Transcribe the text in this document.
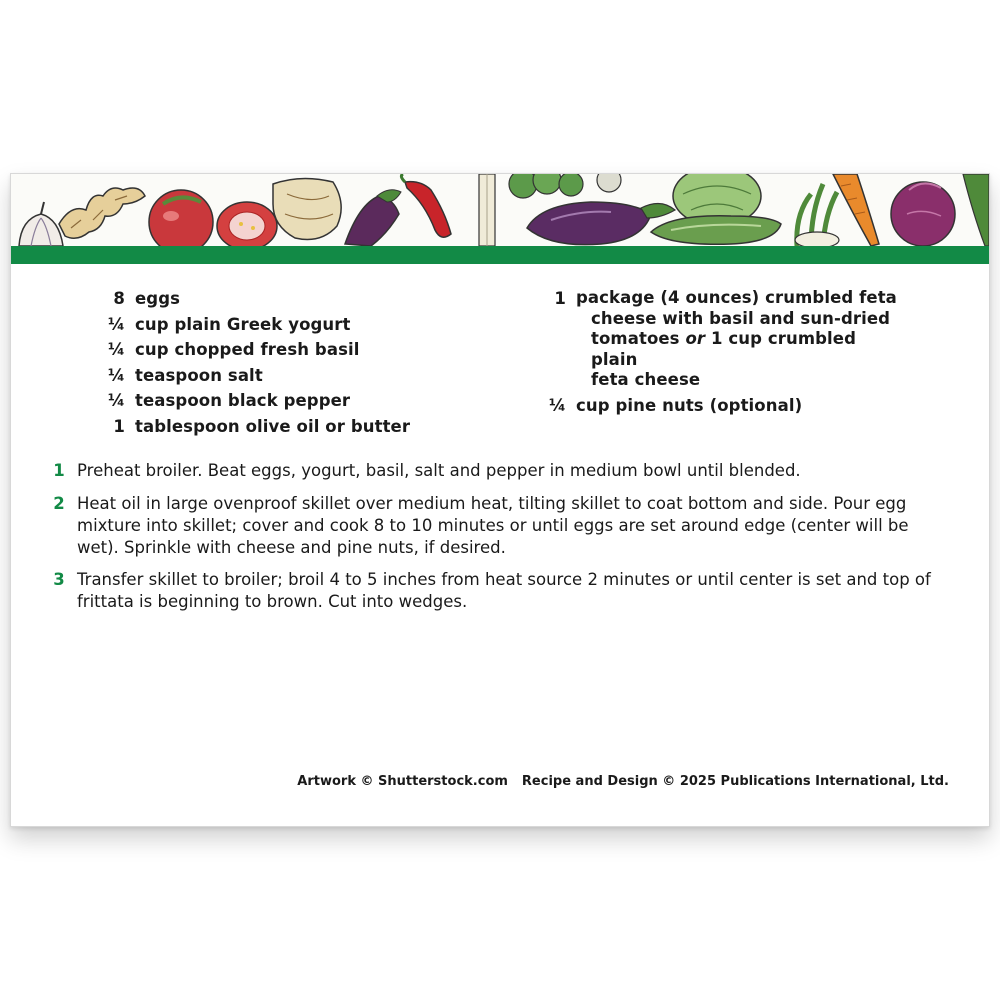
8 eggs
¼ cup plain Greek yogurt
¼ cup chopped fresh basil
¼ teaspoon salt
¼ teaspoon black pepper
1 tablespoon olive oil or butter
1 package (4 ounces) crumbled feta
cheese with basil and sun-dried
tomatoes or 1 cup crumbled plain
feta cheese
¼ cup pine nuts (optional)
1 Preheat broiler. Beat eggs, yogurt, basil, salt and pepper in medium bowl until blended.
2 Heat oil in large ovenproof skillet over medium heat, tilting skillet to coat bottom and side. Pour egg mixture into skillet; cover and cook 8 to 10 minutes or until eggs are set around edge (center will be wet). Sprinkle with cheese and pine nuts, if desired.
3 Transfer skillet to broiler; broil 4 to 5 inches from heat source 2 minutes or until center is set and top of frittata is beginning to brown. Cut into wedges.
Artwork © Shutterstock.com Recipe and Design © 2025 Publications International, Ltd.
